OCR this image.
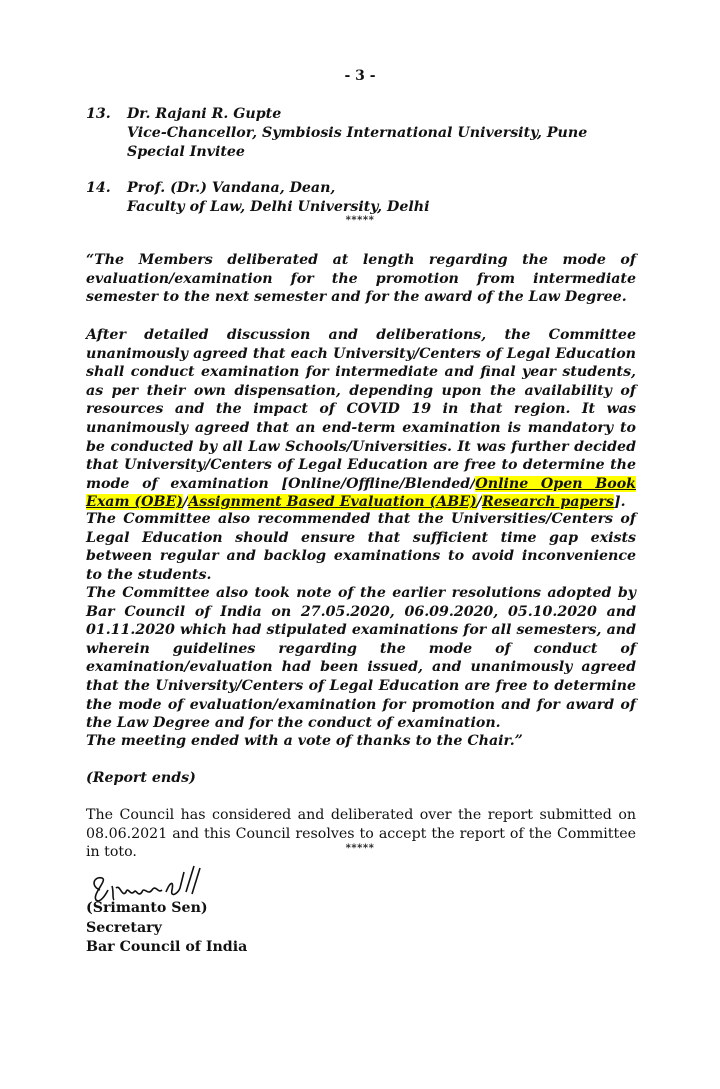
- 3 -
13.	Dr. Rajani R. Gupte
Vice-Chancellor, Symbiosis International University, Pune
Special Invitee
14.	Prof. (Dr.) Vandana, Dean,
Faculty of Law, Delhi University, Delhi
*****
“The Members deliberated at length regarding the mode of evaluation/examination for the promotion from intermediate semester to the next semester and for the award of the Law Degree.
After detailed discussion and deliberations, the Committee unanimously agreed that each University/Centers of Legal Education shall conduct examination for intermediate and final year students, as per their own dispensation, depending upon the availability of resources and the impact of COVID 19 in that region. It was unanimously agreed that an end-term examination is mandatory to be conducted by all Law Schools/Universities. It was further decided that University/Centers of Legal Education are free to determine the mode of examination [Online/Offline/Blended/Online Open Book Exam (OBE)/Assignment Based Evaluation (ABE)/Research papers].
The Committee also recommended that the Universities/Centers of Legal Education should ensure that sufficient time gap exists between regular and backlog examinations to avoid inconvenience to the students.
The Committee also took note of the earlier resolutions adopted by Bar Council of India on 27.05.2020, 06.09.2020, 05.10.2020 and 01.11.2020 which had stipulated examinations for all semesters, and wherein guidelines regarding the mode of conduct of examination/evaluation had been issued, and unanimously agreed that the University/Centers of Legal Education are free to determine the mode of evaluation/examination for promotion and for award of the Law Degree and for the conduct of examination.
The meeting ended with a vote of thanks to the Chair.”
(Report ends)
The Council has considered and deliberated over the report submitted on 08.06.2021 and this Council resolves to accept the report of the Committee in toto.	*****
(Srimanto Sen)
Secretary
Bar Council of India
